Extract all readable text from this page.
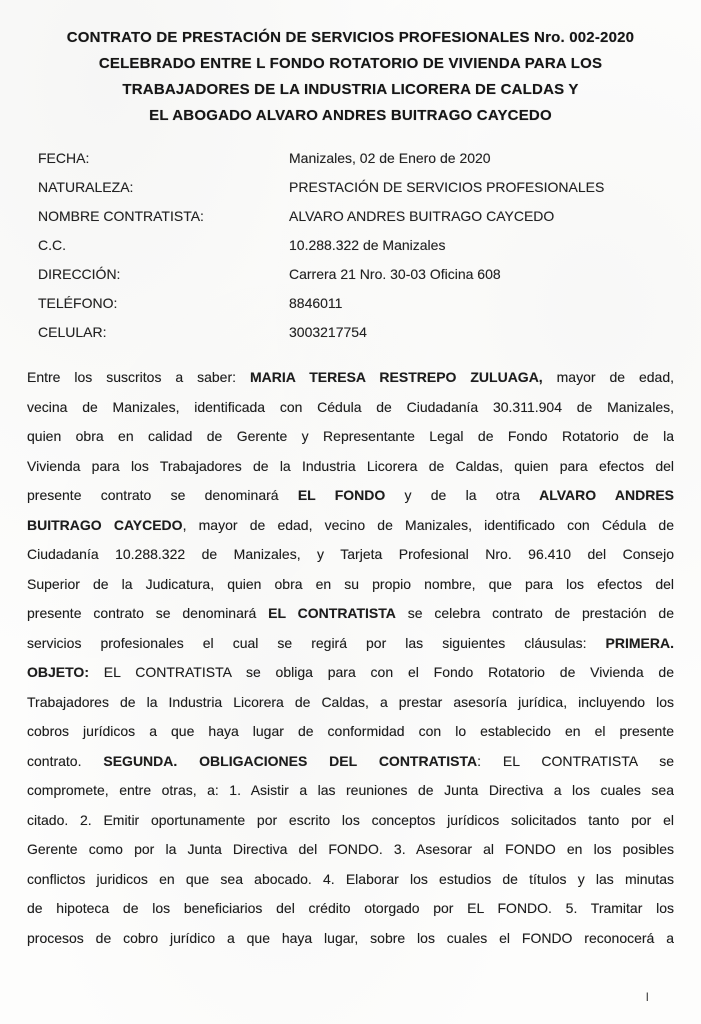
CONTRATO DE PRESTACIÓN DE SERVICIOS PROFESIONALES Nro. 002-2020
CELEBRADO ENTRE L FONDO ROTATORIO DE VIVIENDA PARA LOS
TRABAJADORES DE LA INDUSTRIA LICORERA DE CALDAS Y
EL ABOGADO ALVARO ANDRES BUITRAGO CAYCEDO
FECHA:	Manizales, 02 de Enero de 2020
NATURALEZA:	PRESTACIÓN DE SERVICIOS PROFESIONALES
NOMBRE CONTRATISTA:	ALVARO ANDRES BUITRAGO CAYCEDO
C.C.	10.288.322 de Manizales
DIRECCIÓN:	Carrera 21 Nro. 30-03 Oficina 608
TELÉFONO:	8846011
CELULAR:	3003217754
Entre los suscritos a saber: MARIA TERESA RESTREPO ZULUAGA, mayor de edad,
vecina de Manizales, identificada con Cédula de Ciudadanía 30.311.904 de Manizales,
quien obra en calidad de Gerente y Representante Legal de Fondo Rotatorio de la
Vivienda para los Trabajadores de la Industria Licorera de Caldas, quien para efectos del
presente contrato se denominará EL FONDO y de la otra ALVARO ANDRES
BUITRAGO CAYCEDO, mayor de edad, vecino de Manizales, identificado con Cédula de
Ciudadanía 10.288.322 de Manizales, y Tarjeta Profesional Nro. 96.410 del Consejo
Superior de la Judicatura, quien obra en su propio nombre, que para los efectos del
presente contrato se denominará EL CONTRATISTA se celebra contrato de prestación de
servicios profesionales el cual se regirá por las siguientes cláusulas: PRIMERA.
OBJETO: EL CONTRATISTA se obliga para con el Fondo Rotatorio de Vivienda de
Trabajadores de la Industria Licorera de Caldas, a prestar asesoría jurídica, incluyendo los
cobros jurídicos a que haya lugar de conformidad con lo establecido en el presente
contrato. SEGUNDA. OBLIGACIONES DEL CONTRATISTA: EL CONTRATISTA se
compromete, entre otras, a: 1. Asistir a las reuniones de Junta Directiva a los cuales sea
citado. 2. Emitir oportunamente por escrito los conceptos jurídicos solicitados tanto por el
Gerente como por la Junta Directiva del FONDO. 3. Asesorar al FONDO en los posibles
conflictos juridicos en que sea abocado. 4. Elaborar los estudios de títulos y las minutas
de hipoteca de los beneficiarios del crédito otorgado por EL FONDO. 5. Tramitar los
procesos de cobro jurídico a que haya lugar, sobre los cuales el FONDO reconocerá a
I
